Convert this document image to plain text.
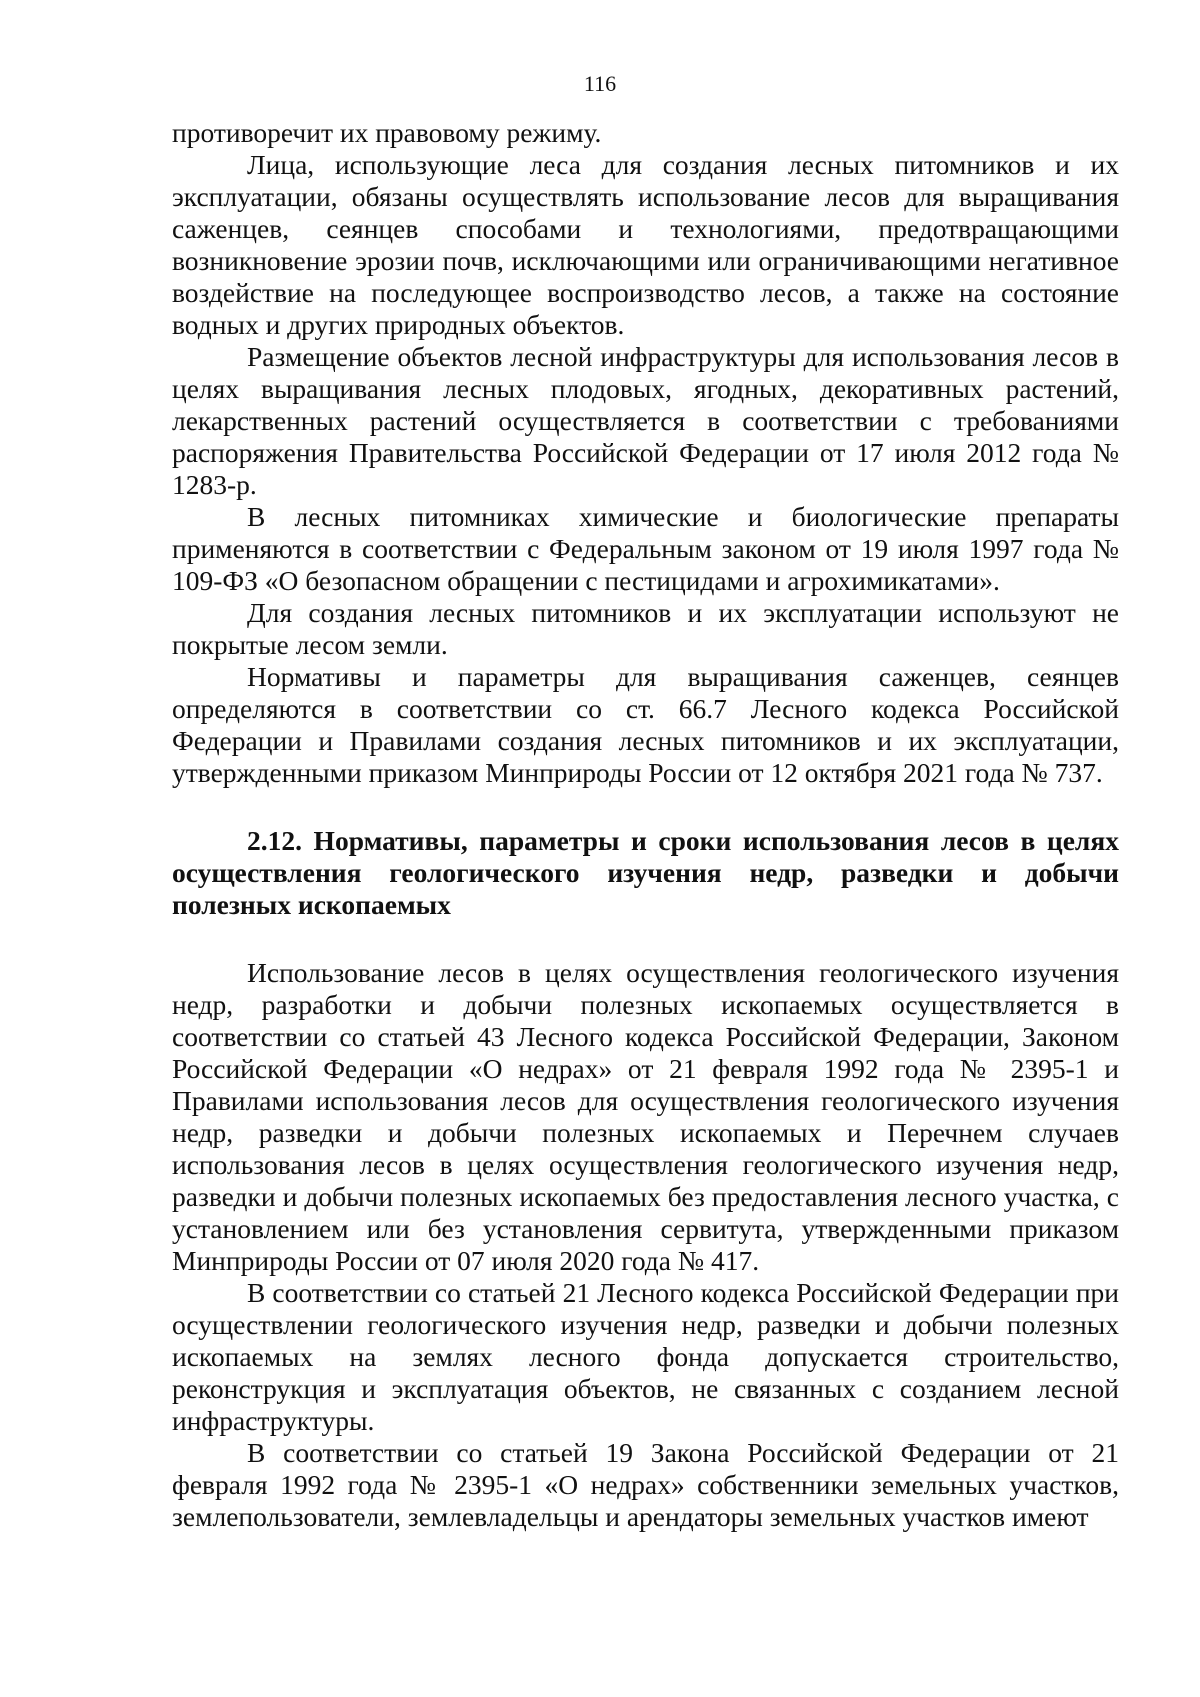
116

противоречит их правовому режиму.

Лица, использующие леса для создания лесных питомников и их эксплуатации, обязаны осуществлять использование лесов для выращивания саженцев, сеянцев способами и технологиями, предотвращающими возникновение эрозии почв, исключающими или ограничивающими негативное воздействие на последующее воспроизводство лесов, а также на состояние водных и других природных объектов.

Размещение объектов лесной инфраструктуры для использования лесов в целях выращивания лесных плодовых, ягодных, декоративных растений, лекарственных растений осуществляется в соответствии с требованиями распоряжения Правительства Российской Федерации от 17 июля 2012 года № 1283-р.

В лесных питомниках химические и биологические препараты применяются в соответствии с Федеральным законом от 19 июля 1997 года № 109-ФЗ «О безопасном обращении с пестицидами и агрохимикатами».

Для создания лесных питомников и их эксплуатации используют не покрытые лесом земли.

Нормативы и параметры для выращивания саженцев, сеянцев определяются в соответствии со ст. 66.7 Лесного кодекса Российской Федерации и Правилами создания лесных питомников и их эксплуатации, утвержденными приказом Минприроды России от 12 октября 2021 года № 737.

2.12. Нормативы, параметры и сроки использования лесов в целях осуществления геологического изучения недр, разведки и добычи полезных ископаемых

Использование лесов в целях осуществления геологического изучения недр, разработки и добычи полезных ископаемых осуществляется в соответствии со статьей 43 Лесного кодекса Российской Федерации, Законом Российской Федерации «О недрах» от 21 февраля 1992 года № 2395-1 и Правилами использования лесов для осуществления геологического изучения недр, разведки и добычи полезных ископаемых и Перечнем случаев использования лесов в целях осуществления геологического изучения недр, разведки и добычи полезных ископаемых без предоставления лесного участка, с установлением или без установления сервитута, утвержденными приказом Минприроды России от 07 июля 2020 года № 417.

В соответствии со статьей 21 Лесного кодекса Российской Федерации при осуществлении геологического изучения недр, разведки и добычи полезных ископаемых на землях лесного фонда допускается строительство, реконструкция и эксплуатация объектов, не связанных с созданием лесной инфраструктуры.

В соответствии со статьей 19 Закона Российской Федерации от 21 февраля 1992 года № 2395-1 «О недрах» собственники земельных участков, землепользователи, землевладельцы и арендаторы земельных участков имеют
